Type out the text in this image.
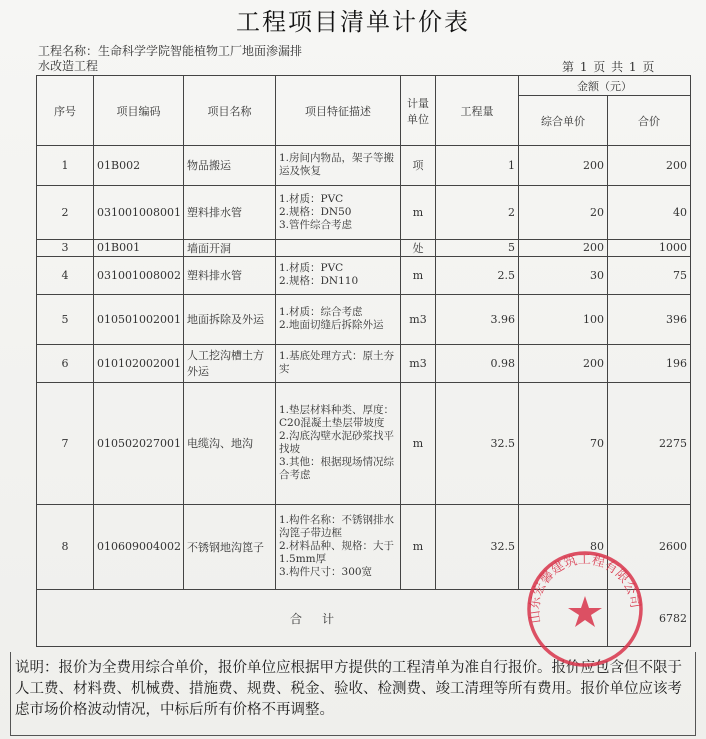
工程项目清单计价表
工程名称：生命科学学院智能植物工厂地面渗漏排
水改造工程	第 1 页 共 1 页
序号	项目编码	项目名称	项目特征描述	计量单位	工程量	金额（元）	
						综合单价	合价
1	01B002	物品搬运	1.房间内物品，架子等搬运及恢复	项	1	200	200
2	031001008001	塑料排水管	1.材质：PVC
2.规格：DN50
3.管件综合考虑	m	2	20	40
3	01B001	墙面开洞		处	5	200	1000
4	031001008002	塑料排水管	1.材质：PVC
2.规格：DN110	m	2.5	30	75
5	010501002001	地面拆除及外运	1.材质：综合考虑
2.地面切缝后拆除外运	m3	3.96	100	396
6	010102002001	人工挖沟槽土方外运	1.基底处理方式：原土夯实	m3	0.98	200	196
7	010502027001	电缆沟、地沟	1.垫层材料种类、厚度：C20混凝土垫层带坡度
2.沟底沟壁水泥砂浆找平找坡
3.其他：根据现场情况综合考虑	m	32.5	70	2275
8	010609004002	不锈钢地沟箆子	1.构件名称：不锈钢排水沟箆子带边框
2.材料品种、规格：大于1.5mm厚
3.构件尺寸：300宽	m	32.5	80	2600
合计							6782
说明：报价为全费用综合单价，报价单位应根据甲方提供的工程清单为准自行报价。报价应包含但不限于人工费、材料费、机械费、措施费、规费、税金、验收、检测费、竣工清理等所有费用。报价单位应该考虑市场价格波动情况，中标后所有价格不再调整。
山东宏馨建筑工程有限公司
